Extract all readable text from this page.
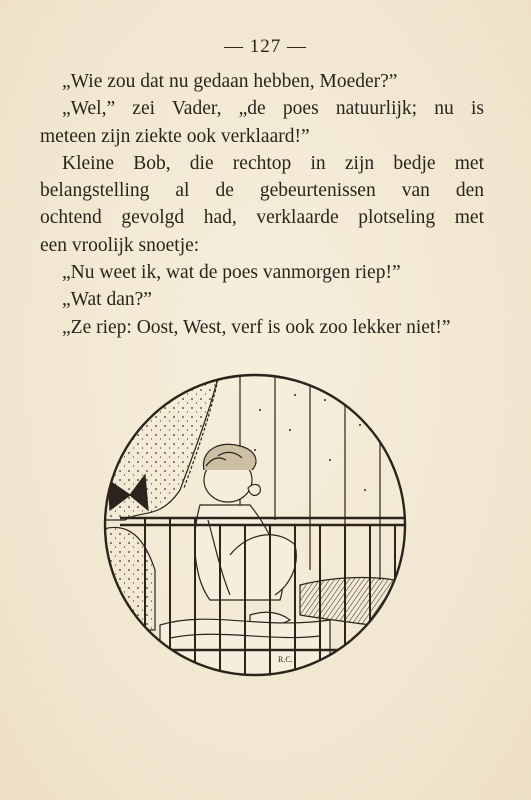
— 127 —
„Wie zou dat nu gedaan hebben, Moeder?”
„Wel,” zei Vader, „de poes natuurlijk; nu is
meteen zijn ziekte ook verklaard!”
Kleine Bob, die rechtop in zijn bedje met
belangstelling al de gebeurtenissen van den
ochtend gevolgd had, verklaarde plotseling met
een vroolijk snoetje:
„Nu weet ik, wat de poes vanmorgen riep!”
„Wat dan?”
„Ze riep: Oost, West, verf is ook zoo lekker niet!”
R.C.
